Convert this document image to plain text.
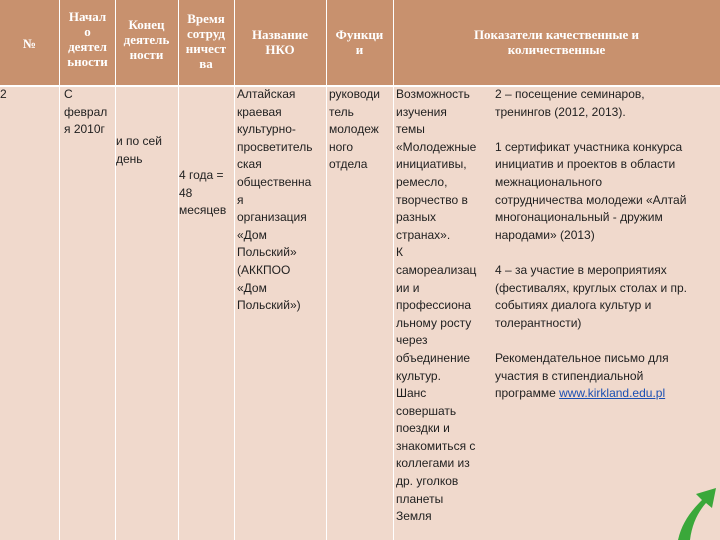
№
Начал
о
деятел
ьности
Конец
деятель
ности
Время
сотруд
ничест
ва
Название
НКО
Функци
и
Показатели качественные и
количественные
2	С
феврал
я 2010г
и по сей
день
4 года =
48
месяцев
Алтайская
краевая
культурно-
просветитель
ская
общественна
я
организация
«Дом
Польский»
(АККПОО
«Дом
Польский»)
руководи
тель
молодеж
ного
отдела
Возможность
изучения
темы
«Молодежные
инициативы,
ремесло,
творчество в
разных
странах».
К
самореализац
ии и
профессиона
льному росту
через
объединение
культур.
Шанс
совершать
поездки и
знакомиться с
коллегами из
др. уголков
планеты
Земля
2 – посещение семинаров,
тренингов (2012, 2013).

1 сертификат участника конкурса
инициатив и проектов в области
межнационального
сотрудничества молодежи «Алтай
многонациональный - дружим
народами» (2013)

4 – за участие в мероприятиях
(фестивалях, круглых столах и пр.
событиях диалога культур и
толерантности)

Рекомендательное письмо для
участия в стипендиальной
программе www.kirkland.edu.pl
